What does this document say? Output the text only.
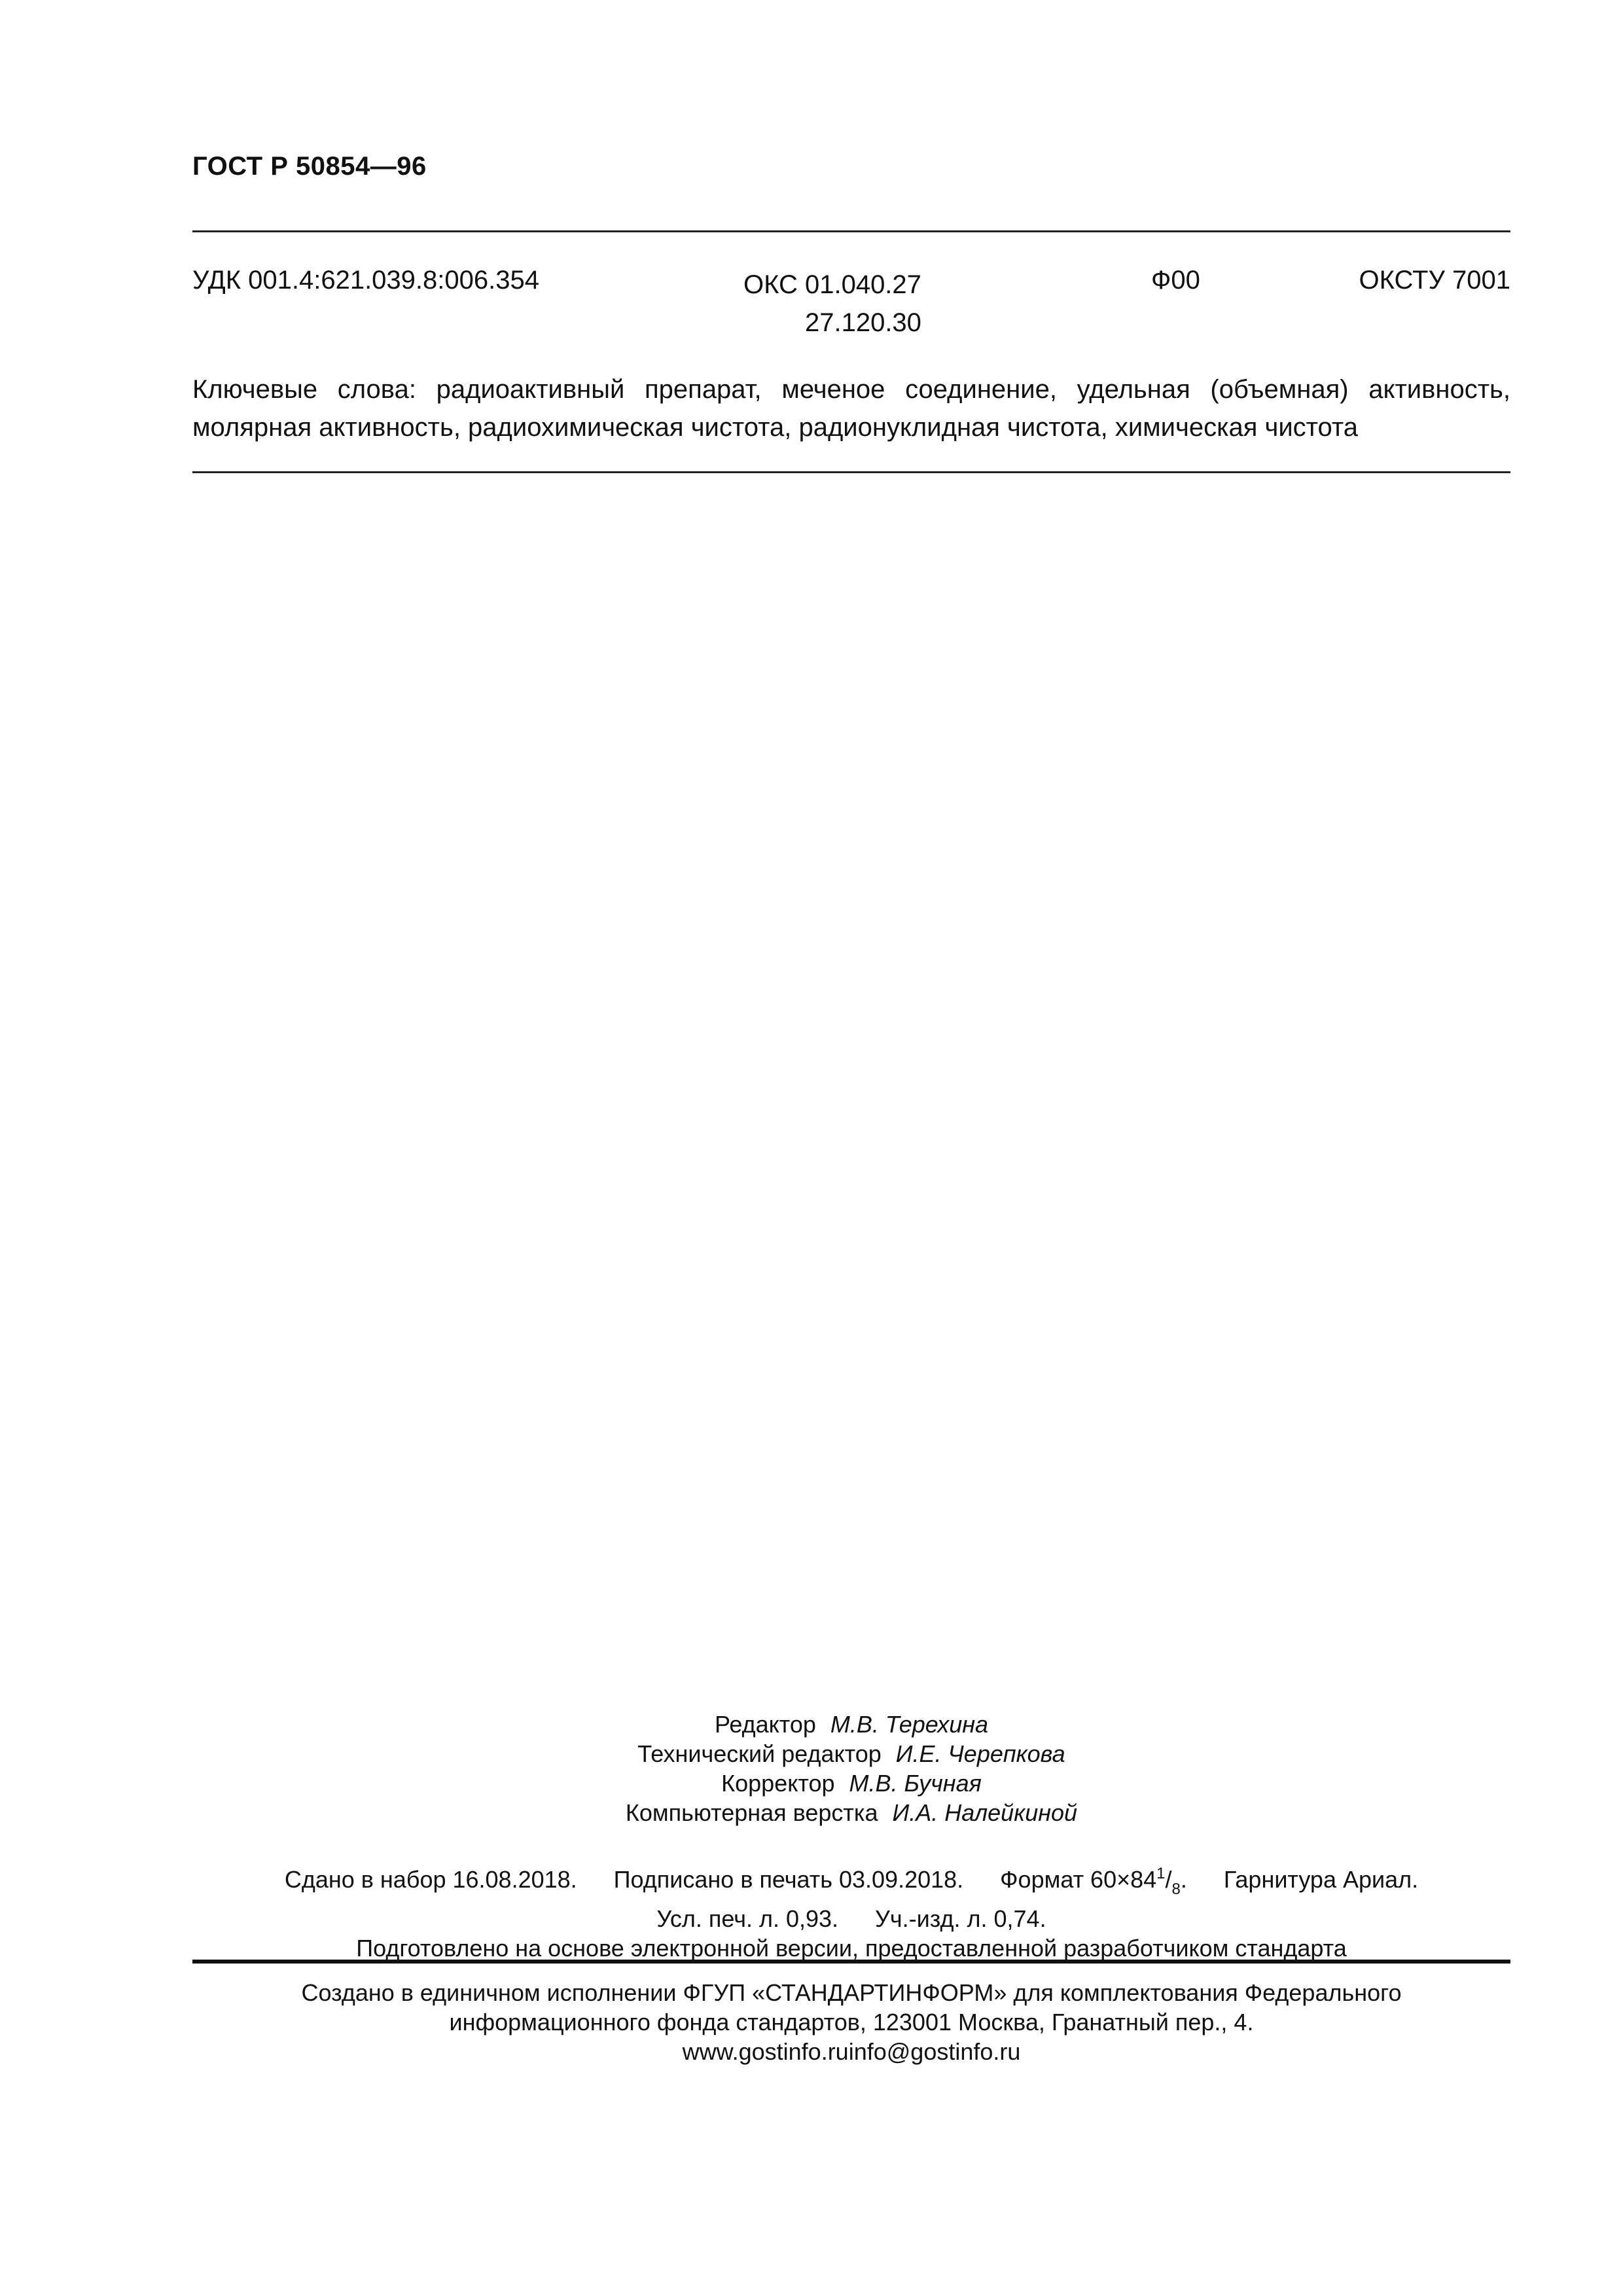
ГОСТ Р 50854—96
УДК 001.4:621.039.8:006.354	ОКС 01.040.27
27.120.30
Ф00	ОКСТУ 7001
Ключевые слова: радиоактивный препарат, меченое соединение, удельная (объемная) активность, молярная активность, радиохимическая чистота, радионуклидная чистота, химическая чистота
Редактор М.В. Терехина
Технический редактор И.Е. Черепкова
Корректор М.В. Бучная
Компьютерная верстка И.А. Налейкиной
Сдано в набор 16.08.2018. Подписано в печать 03.09.2018. Формат $60\times 84^1/_8$. Гарнитура Ариал.
Усл. печ. л. 0,93. Уч.-изд. л. 0,74.
Подготовлено на основе электронной версии, предоставленной разработчиком стандарта
Создано в единичном исполнении ФГУП «СТАНДАРТИНФОРМ» для комплектования Федерального
информационного фонда стандартов, 123001 Москва, Гранатный пер., 4.
www.gostinfo.ruinfo@gostinfo.ru
